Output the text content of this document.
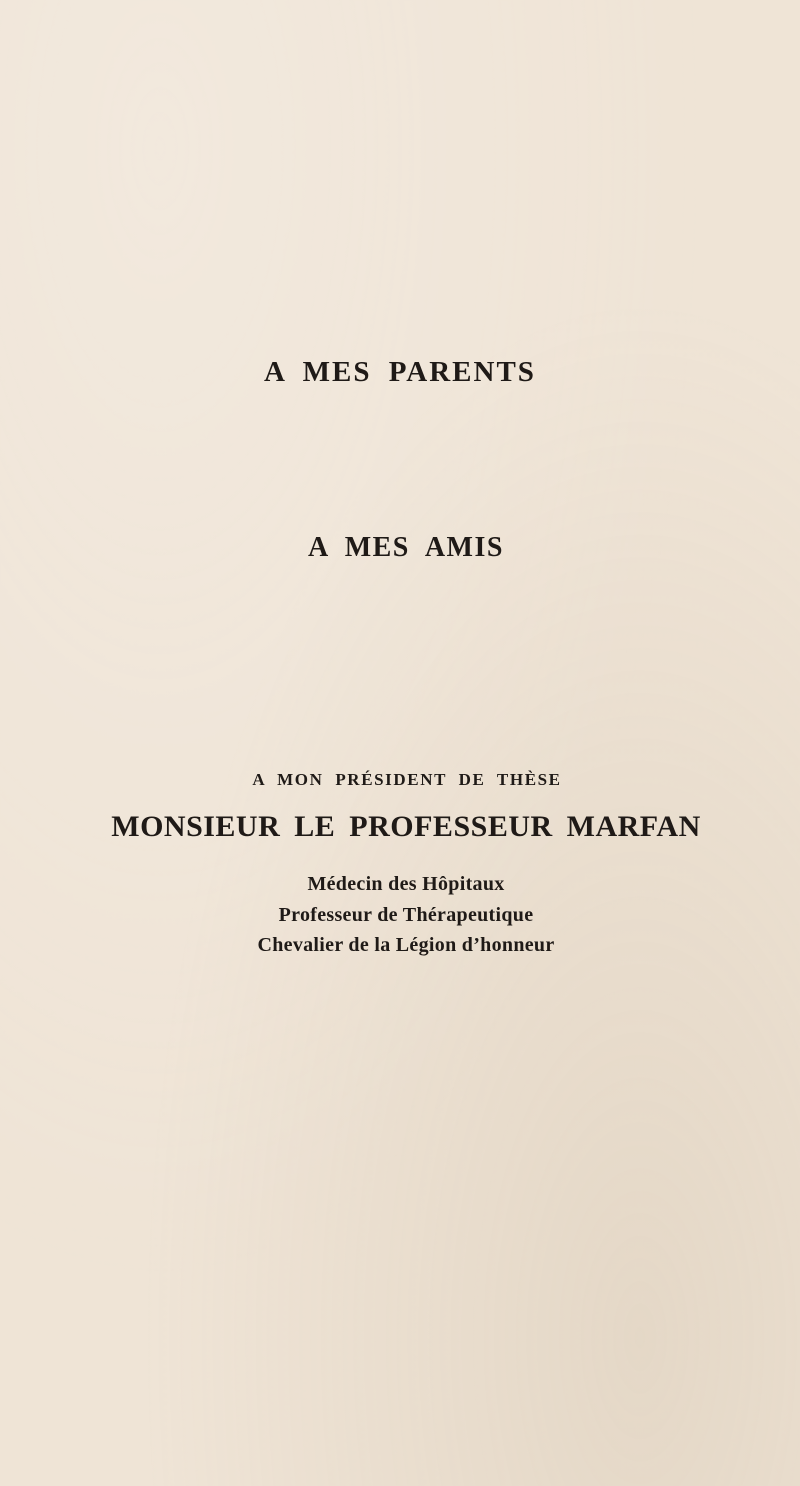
A MES PARENTS
A MES AMIS
A MON PRÉSIDENT DE THÈSE
MONSIEUR LE PROFESSEUR MARFAN
Médecin des Hôpitaux
Professeur de Thérapeutique
Chevalier de la Légion d’honneur
